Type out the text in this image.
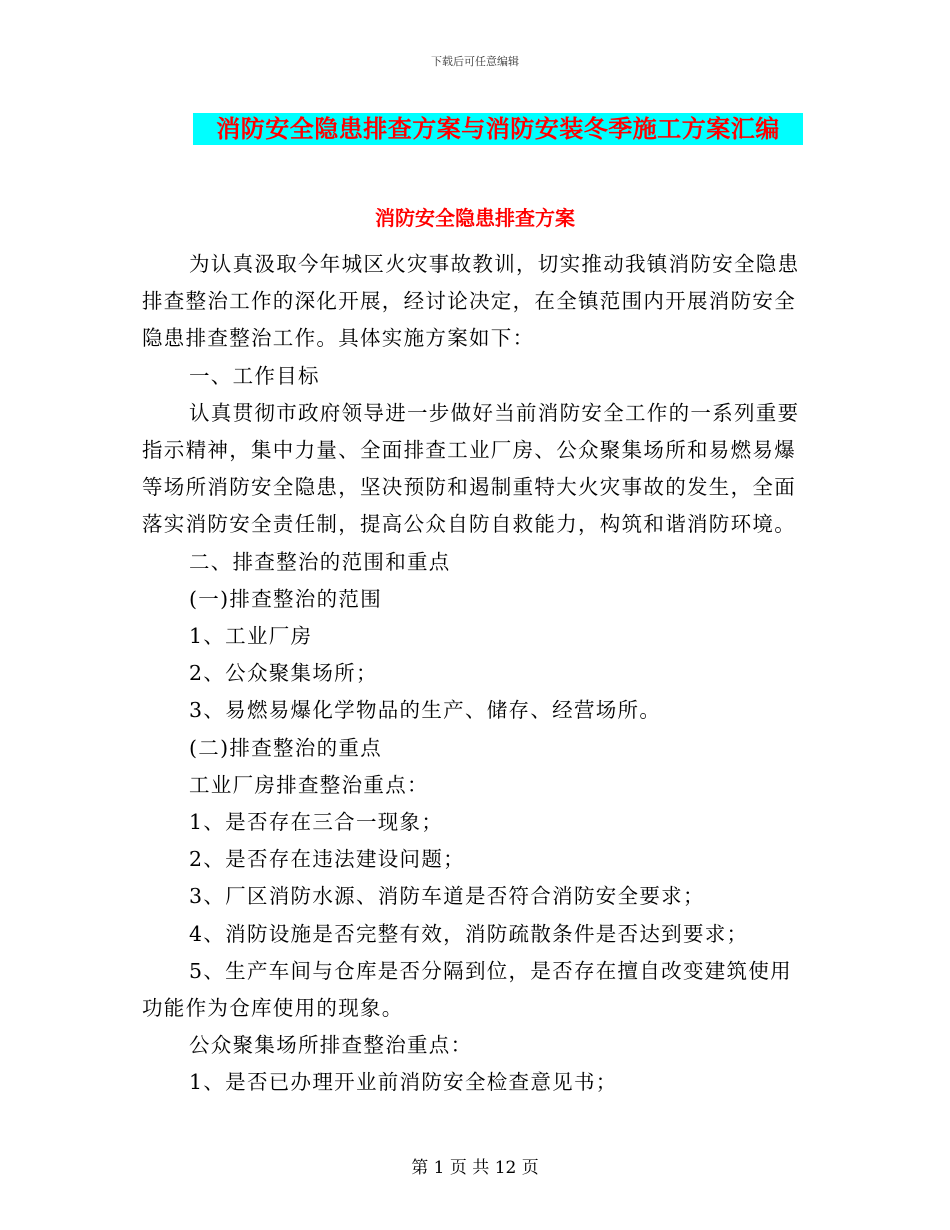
下载后可任意编辑
消防安全隐患排查方案与消防安装冬季施工方案汇编
消防安全隐患排查方案

为认真汲取今年城区火灾事故教训，切实推动我镇消防安全隐患排查整治工作的深化开展，经讨论决定，在全镇范围内开展消防安全隐患排查整治工作。具体实施方案如下：

一、工作目标

认真贯彻市政府领导进一步做好当前消防安全工作的一系列重要指示精神，集中力量、全面排查工业厂房、公众聚集场所和易燃易爆等场所消防安全隐患，坚决预防和遏制重特大火灾事故的发生，全面落实消防安全责任制，提高公众自防自救能力，构筑和谐消防环境。

二、排查整治的范围和重点

(一)排查整治的范围

1、工业厂房

2、公众聚集场所；

3、易燃易爆化学物品的生产、储存、经营场所。

(二)排查整治的重点

工业厂房排查整治重点：

1、是否存在三合一现象；

2、是否存在违法建设问题；

3、厂区消防水源、消防车道是否符合消防安全要求；

4、消防设施是否完整有效，消防疏散条件是否达到要求；

5、生产车间与仓库是否分隔到位，是否存在擅自改变建筑使用功能作为仓库使用的现象。

公众聚集场所排查整治重点：

1、是否已办理开业前消防安全检查意见书；

第 1 页 共 12 页
